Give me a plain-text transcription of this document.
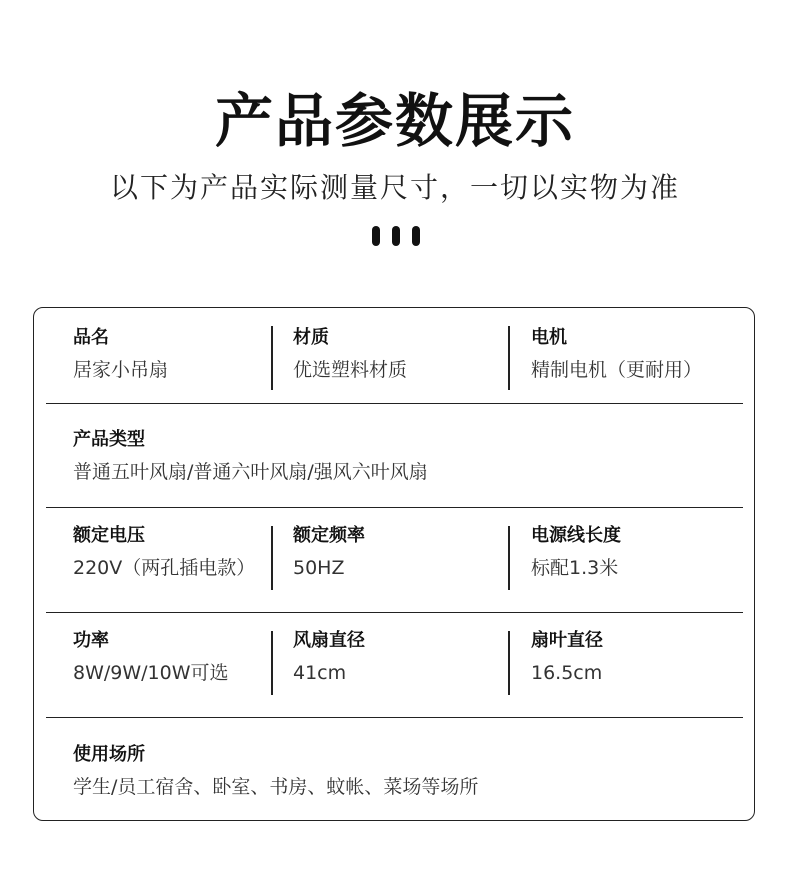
产品参数展示
以下为产品实际测量尺寸，一切以实物为准
品名
居家小吊扇
材质
优选塑料材质
电机
精制电机（更耐用）
产品类型
普通五叶风扇/普通六叶风扇/强风六叶风扇
额定电压
220V（两孔插电款）
额定频率
50HZ
电源线长度
标配1.3米
功率
8W/9W/10W可选
风扇直径
41cm
扇叶直径
16.5cm
使用场所
学生/员工宿舍、卧室、书房、蚊帐、菜场等场所
